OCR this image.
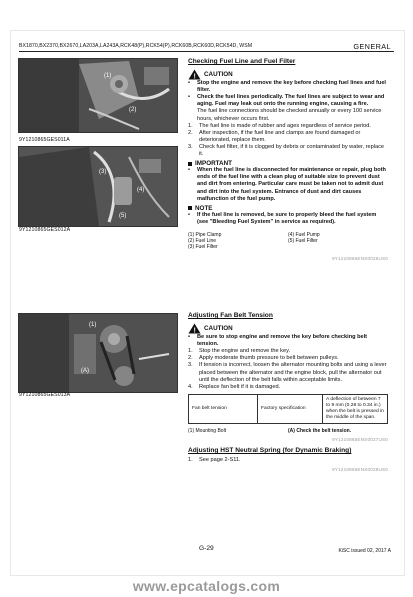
BX1870,BX2370,BX2670,LA203A,LA243A,RCK48(P),RCK54(P),RCK60B,RCK60D,RCK54D, WSM	GENERAL
(1)
(2)
9Y1210865GES011A
(3)
(4)
(5)
9Y1210865GES012A
(1)
(A)
9Y1210865GES013A
Checking Fuel Line and Fuel Filter
! CAUTION
•	Stop the engine and remove the key before checking fuel lines and fuel filter.
•	Check the fuel lines periodically. The fuel lines are subject to wear and aging. Fuel may leak out onto the running engine, causing a fire.
The fuel line connections should be checked annually or every 100 service hours, whichever occurs first.
1.	The fuel line is made of rubber and ages regardless of service period.
2.	After inspection, if the fuel line and clamps are found damaged or deteriorated, replace them.
3.	Check fuel filter, if it is clogged by debris or contaminated by water, replace it.
IMPORTANT
•	When the fuel line is disconnected for maintenance or repair, plug both ends of the fuel line with a clean plug of suitable size to prevent dust and dirt from entering. Particular care must be taken not to admit dust and dirt into the fuel system. Entrance of dust and dirt causes malfunction of the fuel pump.
NOTE
•	If the fuel line is removed, be sure to properly bleed the fuel system (see "Bleeding Fuel System" in service as required).
(1) Pipe Clamp	(4) Fuel Pump
(2) Fuel Line	(5) Fuel Filter
(3) Fuel Filter
9Y1210865ENS0026US0
Adjusting Fan Belt Tension
! CAUTION
•	Be sure to stop engine and remove the key before checking belt tension.
1.	Stop the engine and remove the key.
2.	Apply moderate thumb pressure to belt between pulleys.
3.	If tension is incorrect, loosen the alternator mounting bolts and using a lever placed between the alternator and the engine block, pull the alternator out until the deflection of the belt falls within acceptable limits.
4.	Replace fan belt if it is damaged.
Fan belt tension	Factory specification	A deflection of between 7 to 9 mm (0.28 to 0.34 in.) when the belt is pressed in the middle of the span.
(1) Mounting Bolt	(A) Check the belt tension.
9Y1210865ENS0027US0
Adjusting HST Neutral Spring (for Dynamic Braking)
1.	See page 2-S11.
9Y1210865ENS0028US0
G-29	KiSC issued 02, 2017 A
www.epcatalogs.com
